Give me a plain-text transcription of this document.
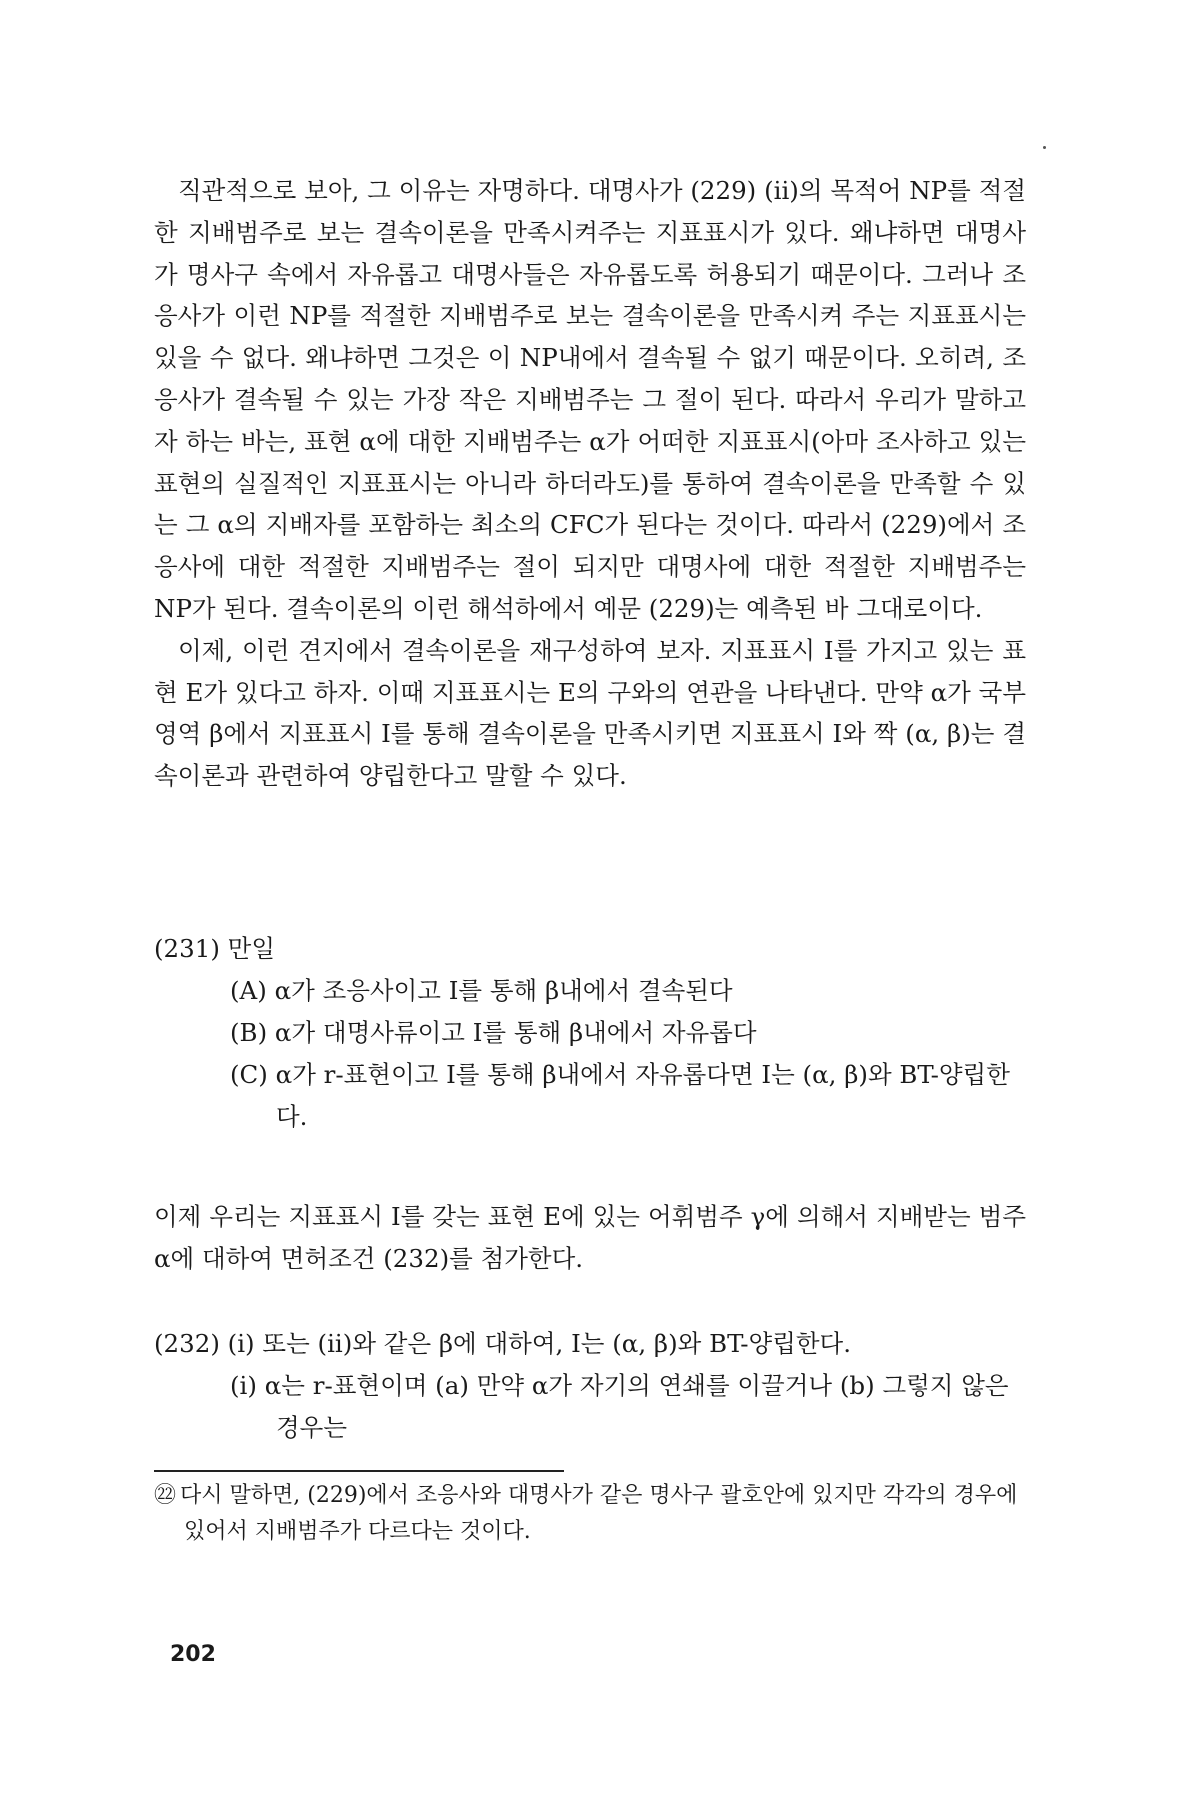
직관적으로 보아, 그 이유는 자명하다. 대명사가 (229) (ii)의 목적어 NP를 적절한 지배범주로 보는 결속이론을 만족시켜주는 지표표시가 있다. 왜냐하면 대명사가 명사구 속에서 자유롭고 대명사들은 자유롭도록 허용되기 때문이다. 그러나 조응사가 이런 NP를 적절한 지배범주로 보는 결속이론을 만족시켜 주는 지표표시는 있을 수 없다. 왜냐하면 그것은 이 NP내에서 결속될 수 없기 때문이다. 오히려, 조응사가 결속될 수 있는 가장 작은 지배범주는 그 절이 된다. 따라서 우리가 말하고자 하는 바는, 표현 α에 대한 지배범주는 α가 어떠한 지표표시(아마 조사하고 있는 표현의 실질적인 지표표시는 아니라 하더라도)를 통하여 결속이론을 만족할 수 있는 그 α의 지배자를 포함하는 최소의 CFC가 된다는 것이다. 따라서 (229)에서 조응사에 대한 적절한 지배범주는 절이 되지만 대명사에 대한 적절한 지배범주는 NP가 된다. 결속이론의 이런 해석하에서 예문 (229)는 예측된 바 그대로이다.

이제, 이런 견지에서 결속이론을 재구성하여 보자. 지표표시 I를 가지고 있는 표현 E가 있다고 하자. 이때 지표표시는 E의 구와의 연관을 나타낸다. 만약 α가 국부영역 β에서 지표표시 I를 통해 결속이론을 만족시키면 지표표시 I와 짝 (α, β)는 결속이론과 관련하여 양립한다고 말할 수 있다.

(231) 만일
(A) α가 조응사이고 I를 통해 β내에서 결속된다
(B) α가 대명사류이고 I를 통해 β내에서 자유롭다
(C) α가 r-표현이고 I를 통해 β내에서 자유롭다면 I는 (α, β)와 BT-양립한다.
이제 우리는 지표표시 I를 갖는 표현 E에 있는 어휘범주 γ에 의해서 지배받는 범주 α에 대하여 면허조건 (232)를 첨가한다.
(232) (i) 또는 (ii)와 같은 β에 대하여, I는 (α, β)와 BT-양립한다.
(i) α는 r-표현이며 (a) 만약 α가 자기의 연쇄를 이끌거나 (b) 그렇지 않은 경우는
㉒ 다시 말하면, (229)에서 조응사와 대명사가 같은 명사구 괄호안에 있지만 각각의 경우에 있어서 지배범주가 다르다는 것이다.
202
